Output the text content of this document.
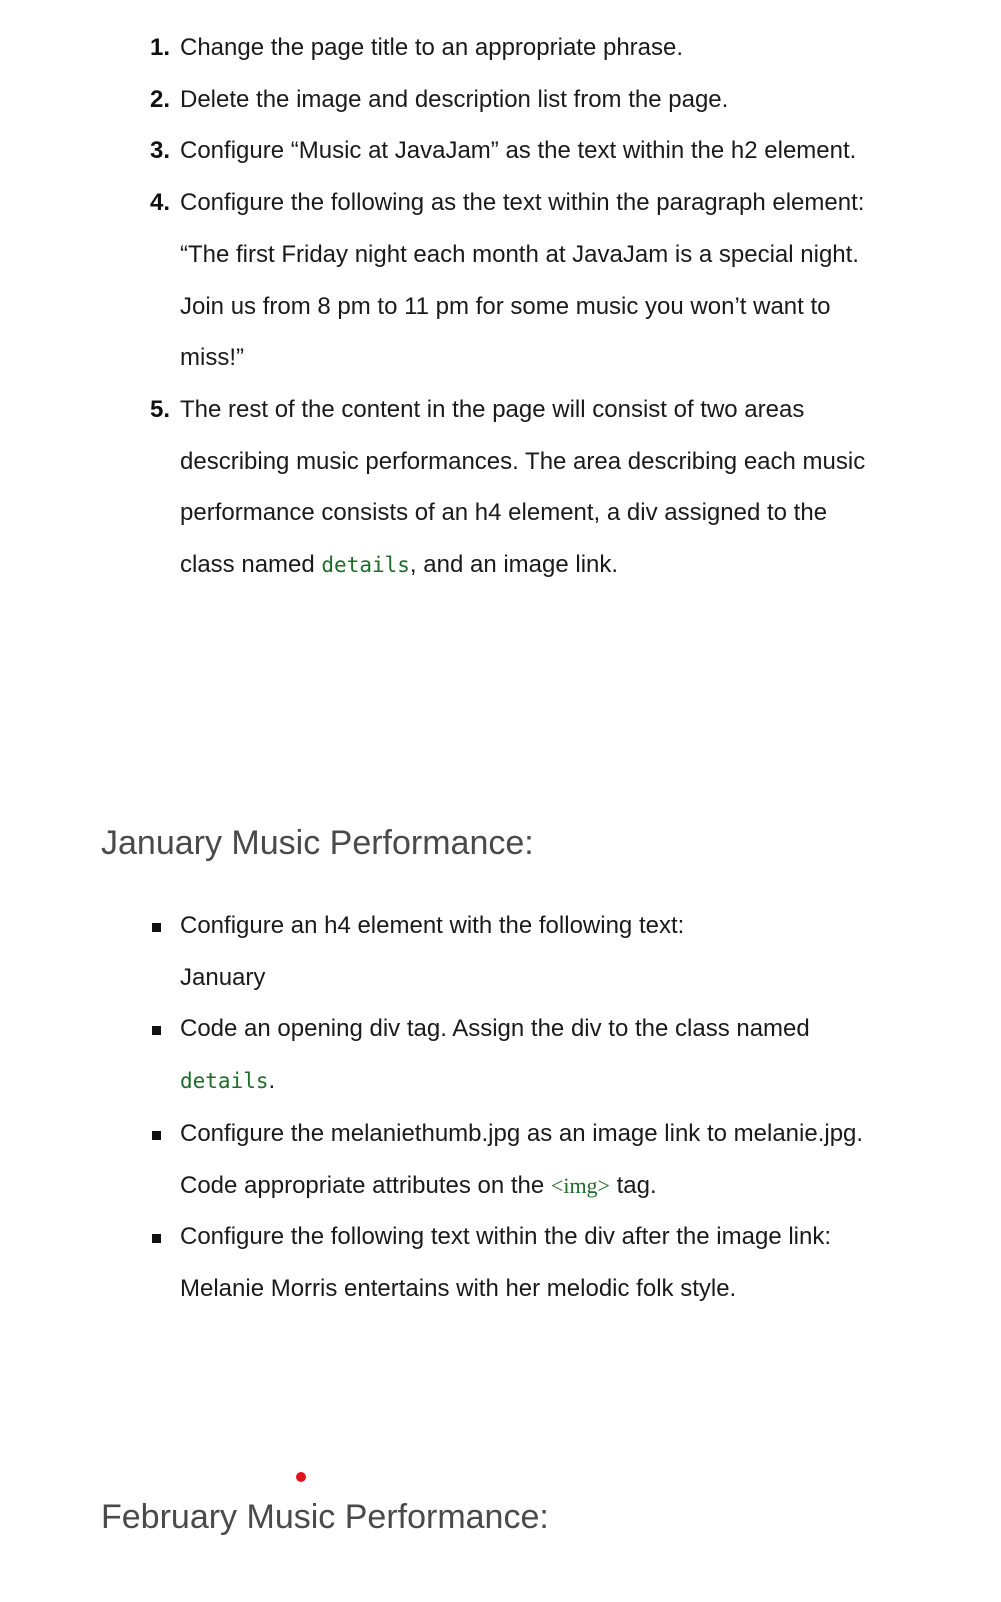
1. Change the page title to an appropriate phrase.
2. Delete the image and description list from the page.
3. Configure “Music at JavaJam” as the text within the h2 element.
4. Configure the following as the text within the paragraph element:
“The first Friday night each month at JavaJam is a special night. Join us from 8 pm to 11 pm for some music you won’t want to miss!”
5. The rest of the content in the page will consist of two areas describing music performances. The area describing each music performance consists of an h4 element, a div assigned to the class named details, and an image link.
January Music Performance:
Configure an h4 element with the following text:
January
Code an opening div tag. Assign the div to the class named details.
Configure the melaniethumb.jpg as an image link to melanie.jpg. Code appropriate attributes on the <img> tag.
Configure the following text within the div after the image link:
Melanie Morris entertains with her melodic folk style.
February Music Performance:
